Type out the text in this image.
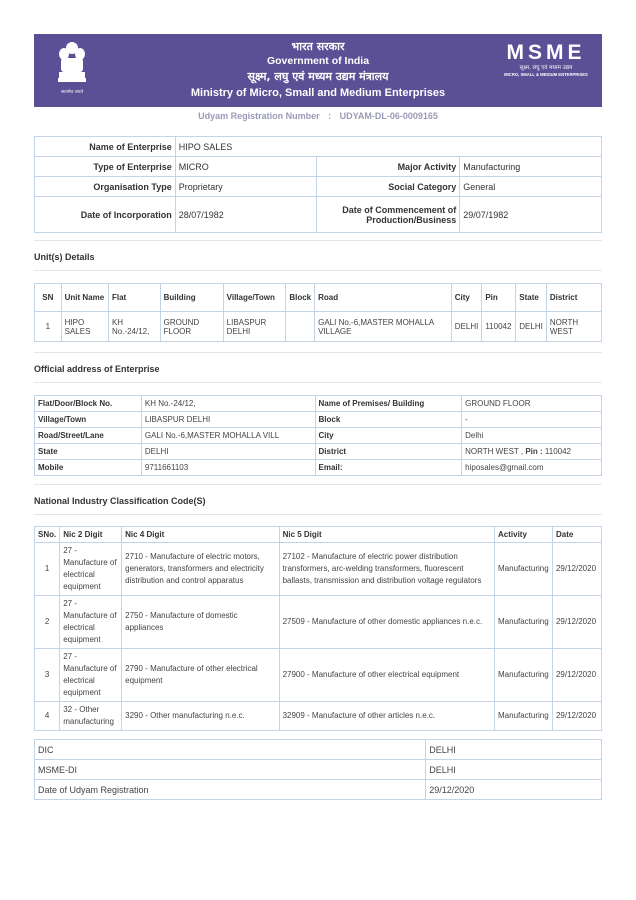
सत्यमेव जयते
भारत सरकार
Government of India
सूक्ष्म, लघु एवं मध्यम उद्यम मंत्रालय
Ministry of Micro, Small and Medium Enterprises
MSME
सूक्ष्म, लघु एवं मध्यम उद्यम
MICRO, SMALL & MEDIUM ENTERPRISES
Udyam Registration Number : UDYAM-DL-06-0009165
Name of Enterprise	HIPO SALES		
Type of Enterprise	MICRO	Major Activity	Manufacturing
Organisation Type	Proprietary	Social Category	General
Date of Incorporation	28/07/1982	Date of Commencement of Production/Business	29/07/1982
Unit(s) Details
SN	Unit Name	Flat	Building	Village/Town	Block	Road	City	Pin	State	District
1	HIPO SALES	KH No.-24/12,	GROUND FLOOR	LIBASPUR DELHI		GALI No.-6,MASTER MOHALLA VILLAGE	DELHI	110042	DELHI	NORTH WEST
Official address of Enterprise
Flat/Door/Block No.	KH No.-24/12,	Name of Premises/ Building	GROUND FLOOR
Village/Town	LIBASPUR DELHI	Block	-
Road/Street/Lane	GALI No.-6,MASTER MOHALLA VILL	City	Delhi
State	DELHI	District	NORTH WEST , Pin : 110042
Mobile	9711661103	Email:	hiposales@gmail.com
National Industry Classification Code(S)
SNo.	Nic 2 Digit	Nic 4 Digit	Nic 5 Digit	Activity	Date
1	27 - Manufacture of electrical equipment	2710 - Manufacture of electric motors, generators, transformers and electricity distribution and control apparatus	27102 - Manufacture of electric power distribution transformers, arc-welding transformers, fluorescent ballasts, transmission and distribution voltage regulators	Manufacturing	29/12/2020
2	27 - Manufacture of electrical equipment	2750 - Manufacture of domestic appliances	27509 - Manufacture of other domestic appliances n.e.c.	Manufacturing	29/12/2020
3	27 - Manufacture of electrical equipment	2790 - Manufacture of other electrical equipment	27900 - Manufacture of other electrical equipment	Manufacturing	29/12/2020
4	32 - Other manufacturing	3290 - Other manufacturing n.e.c.	32909 - Manufacture of other articles n.e.c.	Manufacturing	29/12/2020
DIC	DELHI
MSME-DI	DELHI
Date of Udyam Registration	29/12/2020
